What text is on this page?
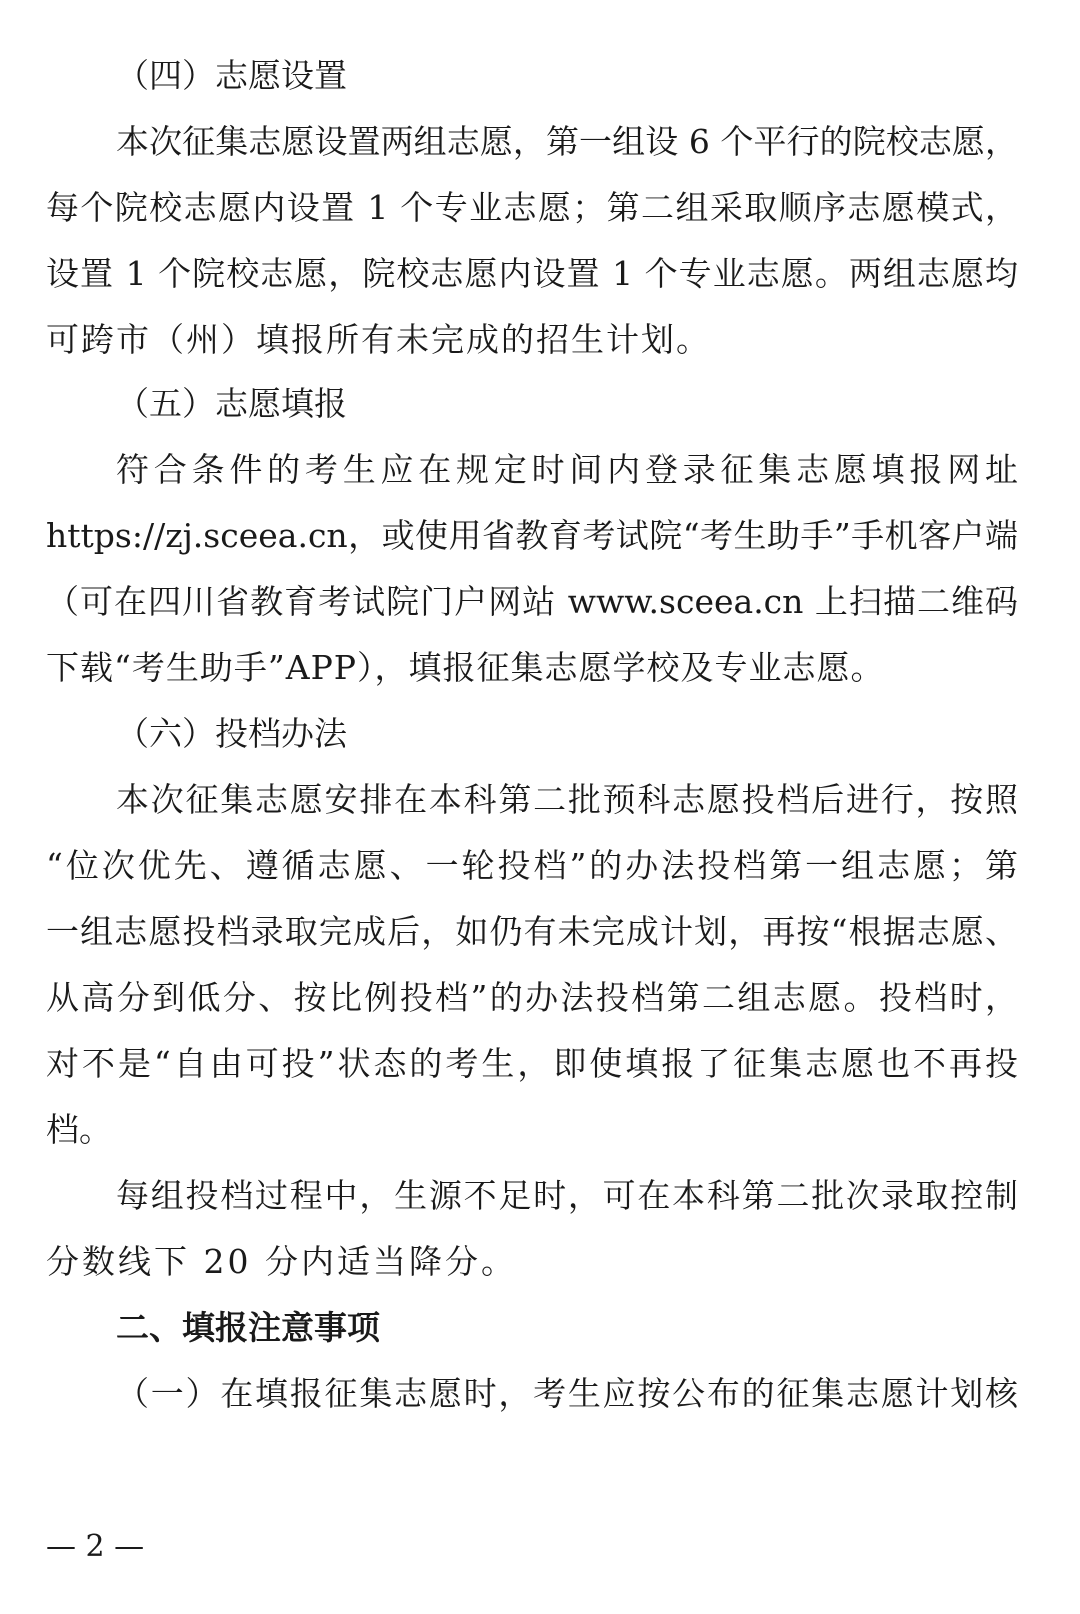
（四）志愿设置
本次征集志愿设置两组志愿，第一组设 6 个平行的院校志愿，
每个院校志愿内设置 1 个专业志愿；第二组采取顺序志愿模式，
设置 1 个院校志愿，院校志愿内设置 1 个专业志愿。两组志愿均
可跨市（州）填报所有未完成的招生计划。
（五）志愿填报
符合条件的考生应在规定时间内登录征集志愿填报网址
https://zj.sceea.cn，或使用省教育考试院“考生助手”手机客户端
（可在四川省教育考试院门户网站 www.sceea.cn 上扫描二维码
下载“考生助手”APP），填报征集志愿学校及专业志愿。
（六）投档办法
本次征集志愿安排在本科第二批预科志愿投档后进行，按照
“位次优先、遵循志愿、一轮投档”的办法投档第一组志愿；第
一组志愿投档录取完成后，如仍有未完成计划，再按“根据志愿、
从高分到低分、按比例投档”的办法投档第二组志愿。投档时，
对不是“自由可投”状态的考生，即使填报了征集志愿也不再投
档。
每组投档过程中，生源不足时，可在本科第二批次录取控制
分数线下 20 分内适当降分。
二、填报注意事项
（一）在填报征集志愿时，考生应按公布的征集志愿计划核
— 2 —
